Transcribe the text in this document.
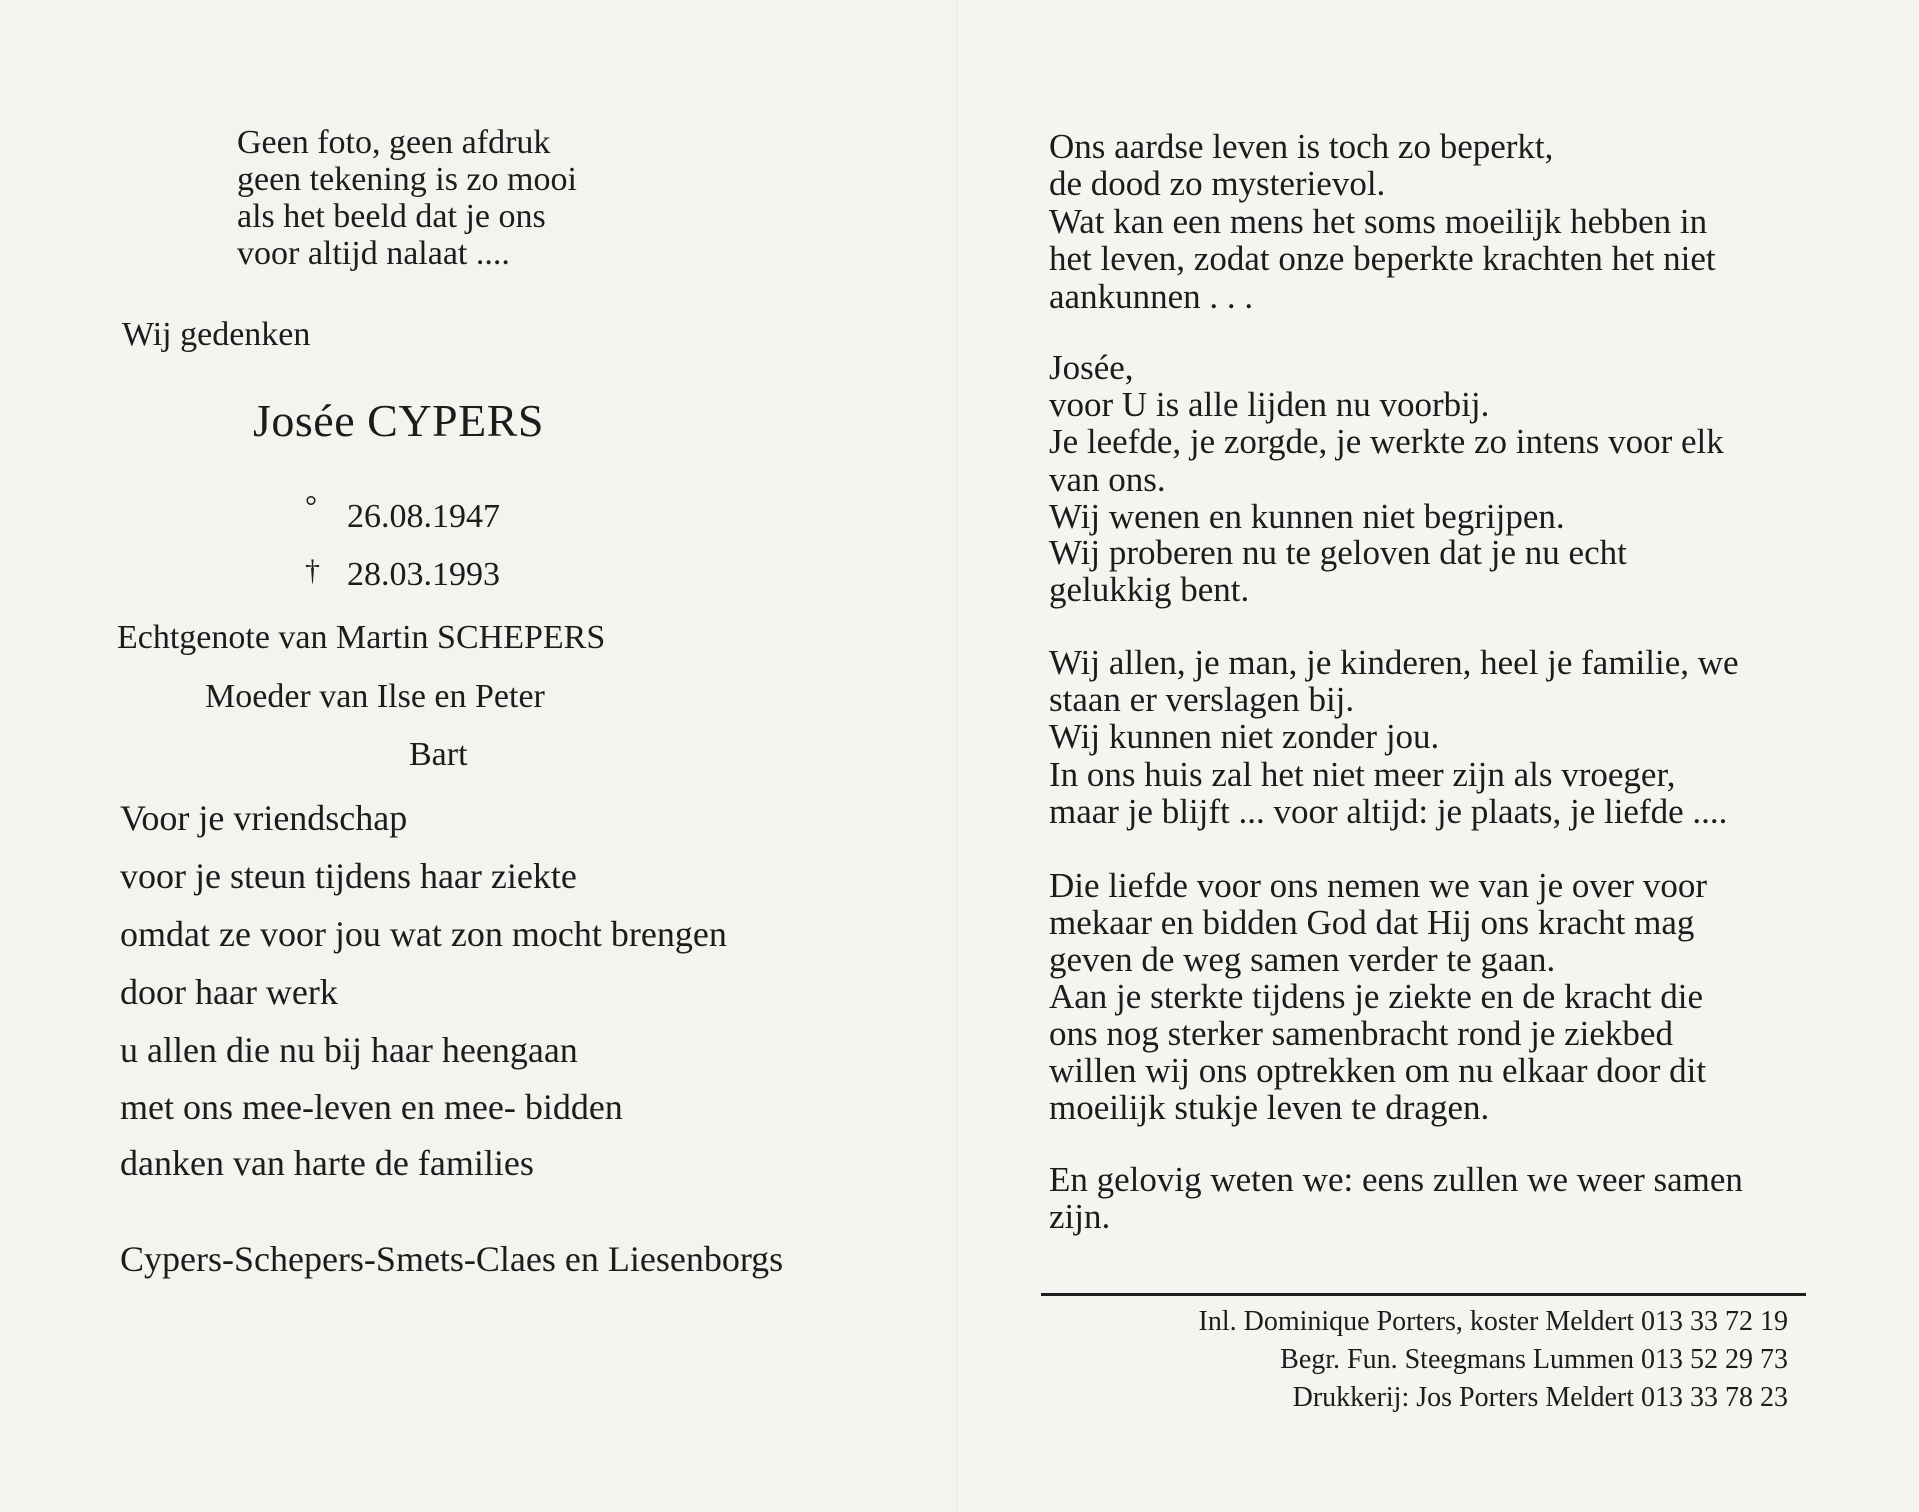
Geen foto, geen afdruk
geen tekening is zo mooi
als het beeld dat je ons
voor altijd nalaat ....
Wij gedenken
Josée CYPERS
° 26.08.1947
† 28.03.1993
Echtgenote van Martin SCHEPERS
Moeder van Ilse en Peter
Bart
Voor je vriendschap
voor je steun tijdens haar ziekte
omdat ze voor jou wat zon mocht brengen
door haar werk
u allen die nu bij haar heengaan
met ons mee-leven en mee- bidden
danken van harte de families
Cypers-Schepers-Smets-Claes en Liesenborgs
Ons aardse leven is toch zo beperkt,
de dood zo mysterievol.
Wat kan een mens het soms moeilijk hebben in
het leven, zodat onze beperkte krachten het niet
aankunnen . . .
Josée,
voor U is alle lijden nu voorbij.
Je leefde, je zorgde, je werkte zo intens voor elk
van ons.
Wij wenen en kunnen niet begrijpen.
Wij proberen nu te geloven dat je nu echt
gelukkig bent.
Wij allen, je man, je kinderen, heel je familie, we
staan er verslagen bij.
Wij kunnen niet zonder jou.
In ons huis zal het niet meer zijn als vroeger,
maar je blijft ... voor altijd: je plaats, je liefde ....
Die liefde voor ons nemen we van je over voor
mekaar en bidden God dat Hij ons kracht mag
geven de weg samen verder te gaan.
Aan je sterkte tijdens je ziekte en de kracht die
ons nog sterker samenbracht rond je ziekbed
willen wij ons optrekken om nu elkaar door dit
moeilijk stukje leven te dragen.
En gelovig weten we: eens zullen we weer samen
zijn.
Inl. Dominique Porters, koster Meldert 013 33 72 19
Begr. Fun. Steegmans Lummen 013 52 29 73
Drukkerij: Jos Porters Meldert 013 33 78 23
